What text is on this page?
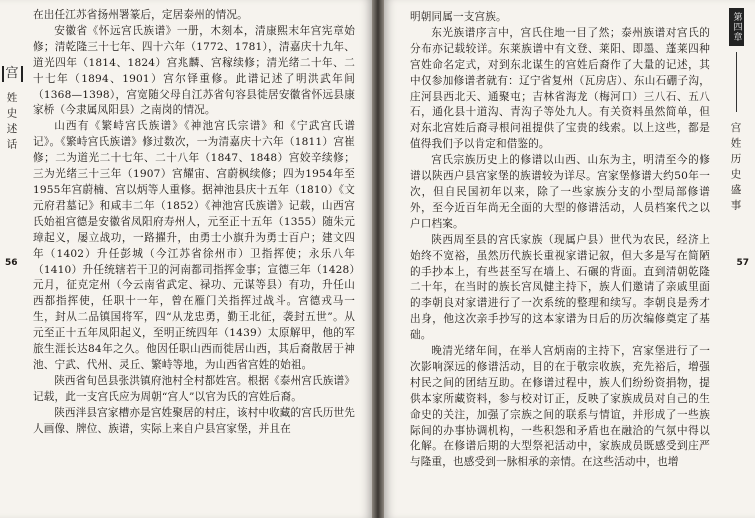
宫
姓史述话
56

在出任江苏省扬州署篆后，定居泰州的情况。

安徽省《怀远宫氏族谱》一册，木刻本，清康熙末年宫宪章始修；清乾隆三十七年、四十六年（1772、1781），清嘉庆十九年、道光四年（1814、1824）宫兆麟、宫稼续修；清光绪二十年、二十七年（1894、1901）宫尔铎重修。此谱记述了明洪武年间（1368—1398），宫宽随父母自江苏省句容县徙居安徽省怀远县康家桥（今隶属凤阳县）之南岗的情况。

山西有《繁峙宫氏族谱》《神池宫氏宗谱》和《宁武宫氏谱记》。《繁峙宫氏族谱》修过数次，一为清嘉庆十六年（1811）宫崔修；二为道光二十七年、二十八年（1847、1848）宫姣辛续修；三为光绪三十三年（1907）宫耀宙、宫蔚枫续修；四为1954年至1955年宫蔚楠、宫以炳等人重修。据神池县庆十五年（1810）《文元府君墓记》和咸丰二年（1852）《神池宫氏族谱》记载，山西宫氏始祖宫德是安徽省凤阳府寿州人，元至正十五年（1355）随朱元璋起义，屡立战功，一路擢升，由勇士小旗升为勇士百户；建文四年（1402）升任彭城（今江苏省徐州市）卫指挥使；永乐八年（1410）升任统辖若干卫的河南都司指挥金事；宣德三年（1428）元月，征克定州（今云南省武定、禄功、元谋等县）有功，升任山西都指挥使，任职十一年，曾在雁门关指挥过战斗。宫德戎马一生，封从二品镇国将军，四“从龙忠勇，勤王北征，袭封五世”。从元至正十五年凤阳起义，至明正统四年（1439）太原解甲，他的军旅生涯长达84年之久。他因任职山西而徙居山西，其后裔散居于神池、宁武、代州、灵丘、繁峙等地，为山西省宫姓的始祖。

陕西省旬邑县张洪镇府池村全村都姓宫。根据《泰州宫氏族谱》记载，此一支宫氏应为周朝“宫人”以官为氏的宫姓后裔。

陕西泮县宫家槽亦是宫姓聚居的村庄，该村中收藏的宫氏历世先人画像、牌位、族谱，实际上来自户县宫家堡，并且在

明朝同属一支宫族。

东光族谱序言中，宫氏住地一目了然；泰州族谱对宫氏的分布亦记载较详。东莱族谱中有文登、莱阳、即墨、蓬莱四种宫姓命名定式，对到东北谋生的宫姓后裔作了大量的记述，其中仅参加修谱者就有：辽宁省复州（瓦房店）、东山石硼子沟，庄河县西北天、通聚屯；吉林省海龙（梅河口）三八石、五八石，通化县十道沟、青沟子等处九人。有关资料虽然简单，但对东北宫姓后裔寻根问祖提供了宝贵的线索。以上这些，都是值得我们予以肯定和借鉴的。

宫氏宗族历史上的修谱以山西、山东为主，明清至今的修谱以陕西户县宫家堡的族谱较为详尽。宫家堡修谱大约50年一次，但自民国初年以来，除了一些家族分支的小型局部修谱外，至今近百年尚无全面的大型的修谱活动，人员档案代之以户口档案。

陕西周至县的宫氏家族（现属户县）世代为农民，经济上始终不宽裕，虽然历代族长重视家谱记叙，但大多是写在简陋的手抄本上，有些甚至写在墙上、石碾的背面。直到清朝乾隆二十年，在当时的族长宫凤健主持下，族人们邀请了亲戚里面的李朝良对家谱进行了一次系统的整理和续写。李朝良是秀才出身，他这次亲手抄写的这本家谱为日后的历次编修奠定了基础。

晚清光绪年间，在举人宫炳南的主持下，宫家堡进行了一次影响深远的修谱活动，目的在于敬宗收族，充先裕后，增强村民之间的团结互助。在修谱过程中，族人们纷纷资捐物，提供本家所藏资料，参与校对订正，反映了家族成员对自己的生命史的关注，加强了宗族之间的联系与情谊，并形成了一些族际间的办事协调机构，一些积怨和矛盾也在融洽的气氛中得以化解。在修谱后期的大型祭祀活动中，家族成员既感受到庄严与隆重，也感受到一脉相承的亲情。在这些活动中，也增

第四章
宫姓历史盛事
57
